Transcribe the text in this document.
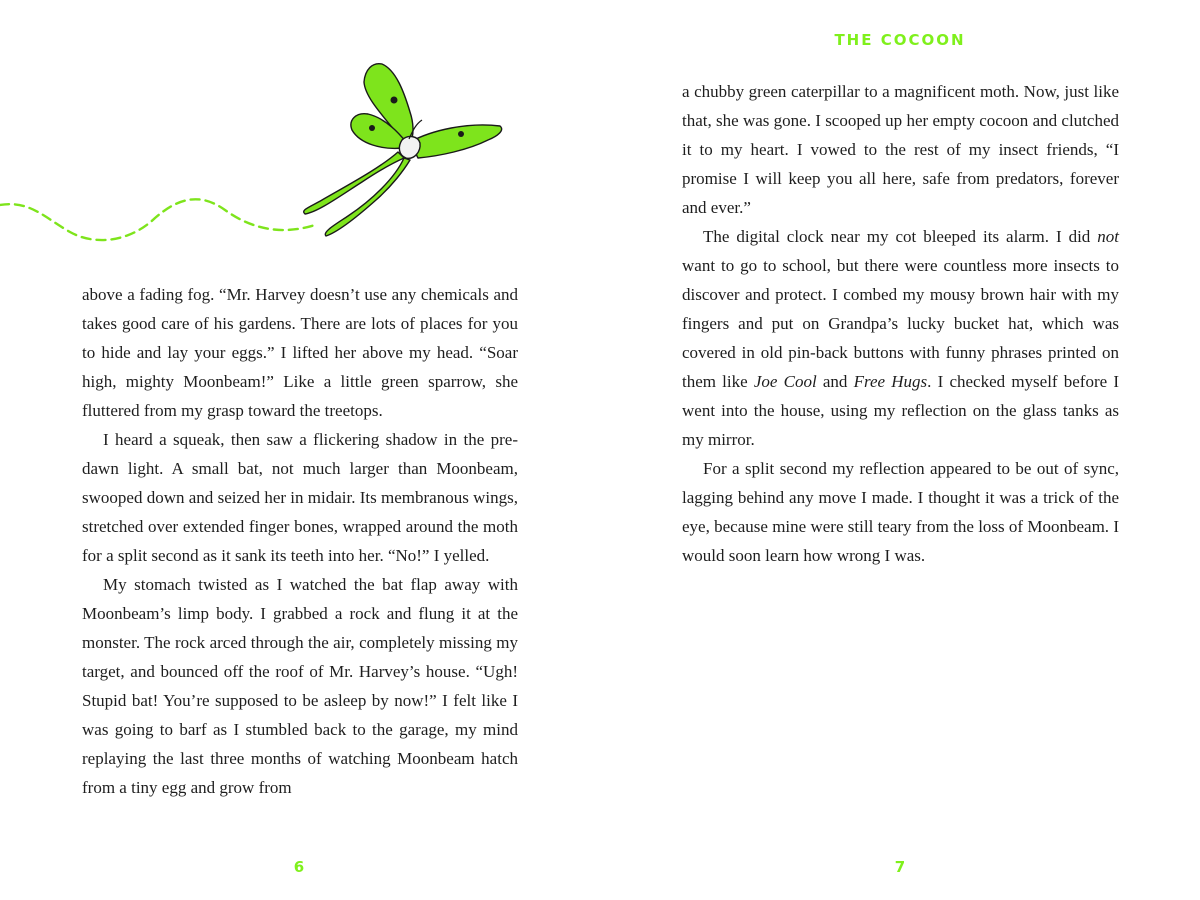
above a fading fog. “Mr. Harvey doesn’t use any chemicals and takes good care of his gardens. There are lots of places for you to hide and lay your eggs.” I lifted her above my head. “Soar high, mighty Moonbeam!” Like a little green sparrow, she fluttered from my grasp toward the treetops.

I heard a squeak, then saw a flickering shadow in the predawn light. A small bat, not much larger than Moonbeam, swooped down and seized her in midair. Its membranous wings, stretched over extended finger bones, wrapped around the moth for a split second as it sank its teeth into her. “No!” I yelled.

My stomach twisted as I watched the bat flap away with Moonbeam’s limp body. I grabbed a rock and flung it at the monster. The rock arced through the air, completely missing my target, and bounced off the roof of Mr. Harvey’s house. “Ugh! Stupid bat! You’re supposed to be asleep by now!” I felt like I was going to barf as I stumbled back to the garage, my mind replaying the last three months of watching Moonbeam hatch from a tiny egg and grow from

6
THE COCOON

a chubby green caterpillar to a magnificent moth. Now, just like that, she was gone. I scooped up her empty cocoon and clutched it to my heart. I vowed to the rest of my insect friends, “I promise I will keep you all here, safe from predators, forever and ever.”

The digital clock near my cot bleeped its alarm. I did not want to go to school, but there were countless more insects to discover and protect. I combed my mousy brown hair with my fingers and put on Grandpa’s lucky bucket hat, which was covered in old pin-back buttons with funny phrases printed on them like Joe Cool and Free Hugs. I checked myself before I went into the house, using my reflection on the glass tanks as my mirror.

For a split second my reflection appeared to be out of sync, lagging behind any move I made. I thought it was a trick of the eye, because mine were still teary from the loss of Moonbeam. I would soon learn how wrong I was.

7
